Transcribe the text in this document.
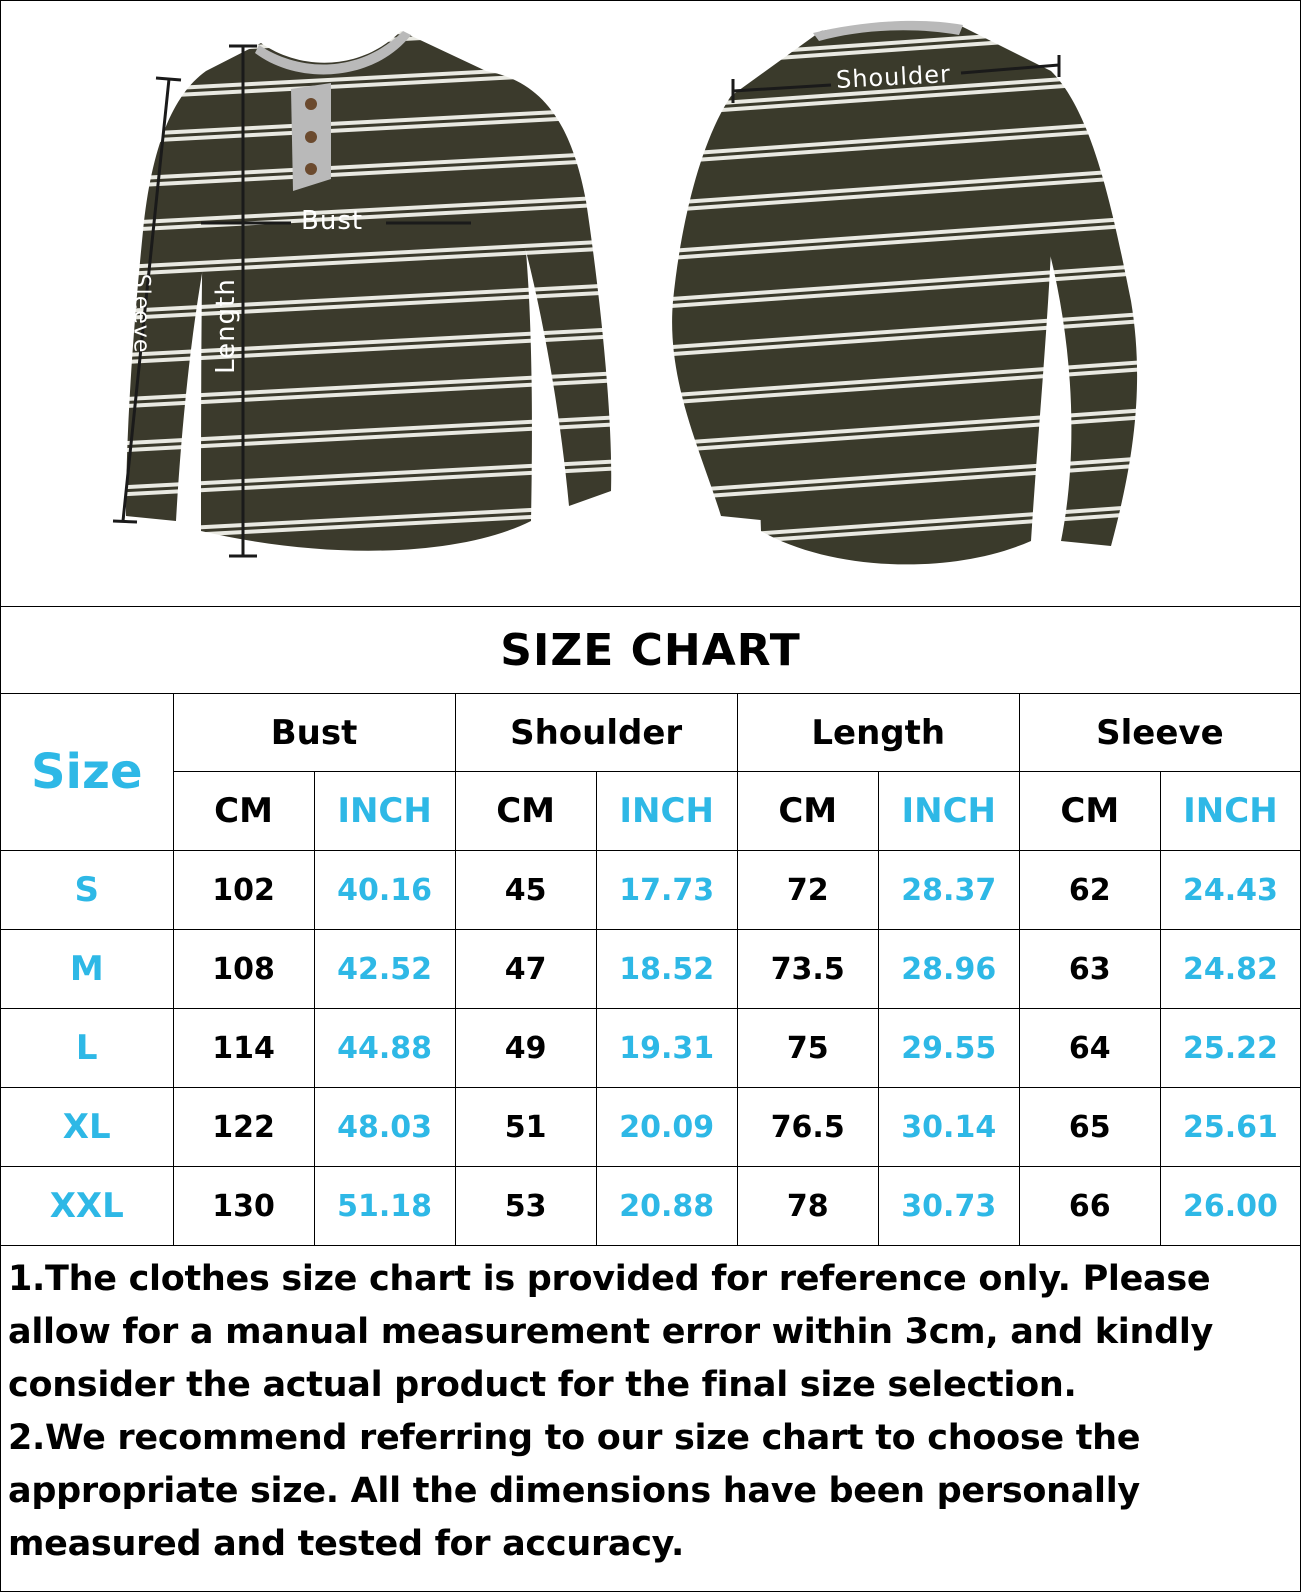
Bust
Length
Sleeve
Shoulder
SIZE CHART								
Size	Bust		Shoulder		Length		Sleeve	
	CM	INCH	CM	INCH	CM	INCH	CM	INCH
S	102	40.16	45	17.73	72	28.37	62	24.43
M	108	42.52	47	18.52	73.5	28.96	63	24.82
L	114	44.88	49	19.31	75	29.55	64	25.22
XL	122	48.03	51	20.09	76.5	30.14	65	25.61
XXL	130	51.18	53	20.88	78	30.73	66	26.00

1.The clothes size chart is provided for reference only. Please allow for a manual measurement error within 3cm, and kindly consider the actual product for the final size selection.

2.We recommend referring to our size chart to choose the appropriate size. All the dimensions have been personally measured and tested for accuracy.
